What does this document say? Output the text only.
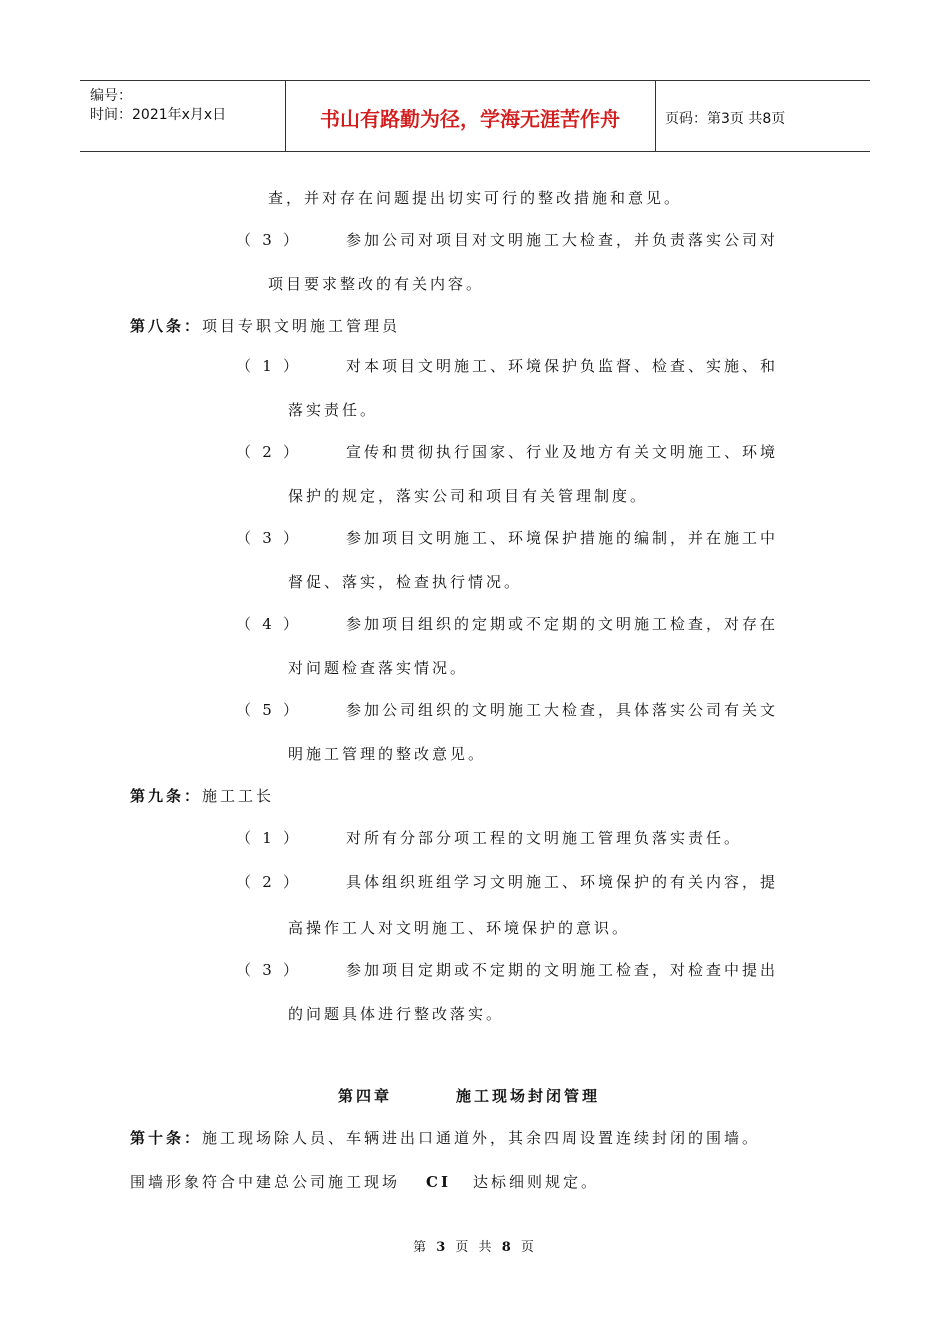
编号：
时间：2021年x月x日	书山有路勤为径，学海无涯苦作舟	页码：第3页 共8页
查，并对存在问题提出切实可行的整改措施和意见。
（ 3 ）	参加公司对项目对文明施工大检查，并负责落实公司对
项目要求整改的有关内容。
第八条：项目专职文明施工管理员
（ 1 ）	对本项目文明施工、环境保护负监督、检查、实施、和
落实责任。
（ 2 ）	宣传和贯彻执行国家、行业及地方有关文明施工、环境
保护的规定，落实公司和项目有关管理制度。
（ 3 ）	参加项目文明施工、环境保护措施的编制，并在施工中
督促、落实，检查执行情况。
（ 4 ）	参加项目组织的定期或不定期的文明施工检查，对存在
对问题检查落实情况。
（ 5 ）	参加公司组织的文明施工大检查，具体落实公司有关文
明施工管理的整改意见。
第九条：施工工长
（ 1 ）	对所有分部分项工程的文明施工管理负落实责任。
（ 2 ）	具体组织班组学习文明施工、环境保护的有关内容，提
高操作工人对文明施工、环境保护的意识。
（ 3 ）	参加项目定期或不定期的文明施工检查，对检查中提出
的问题具体进行整改落实。
第四章	施工现场封闭管理
第十条：施工现场除人员、车辆进出口通道外，其余四周设置连续封闭的围墙。
围墙形象符合中建总公司施工现场 CI 达标细则规定。
第 3 页 共 8 页
